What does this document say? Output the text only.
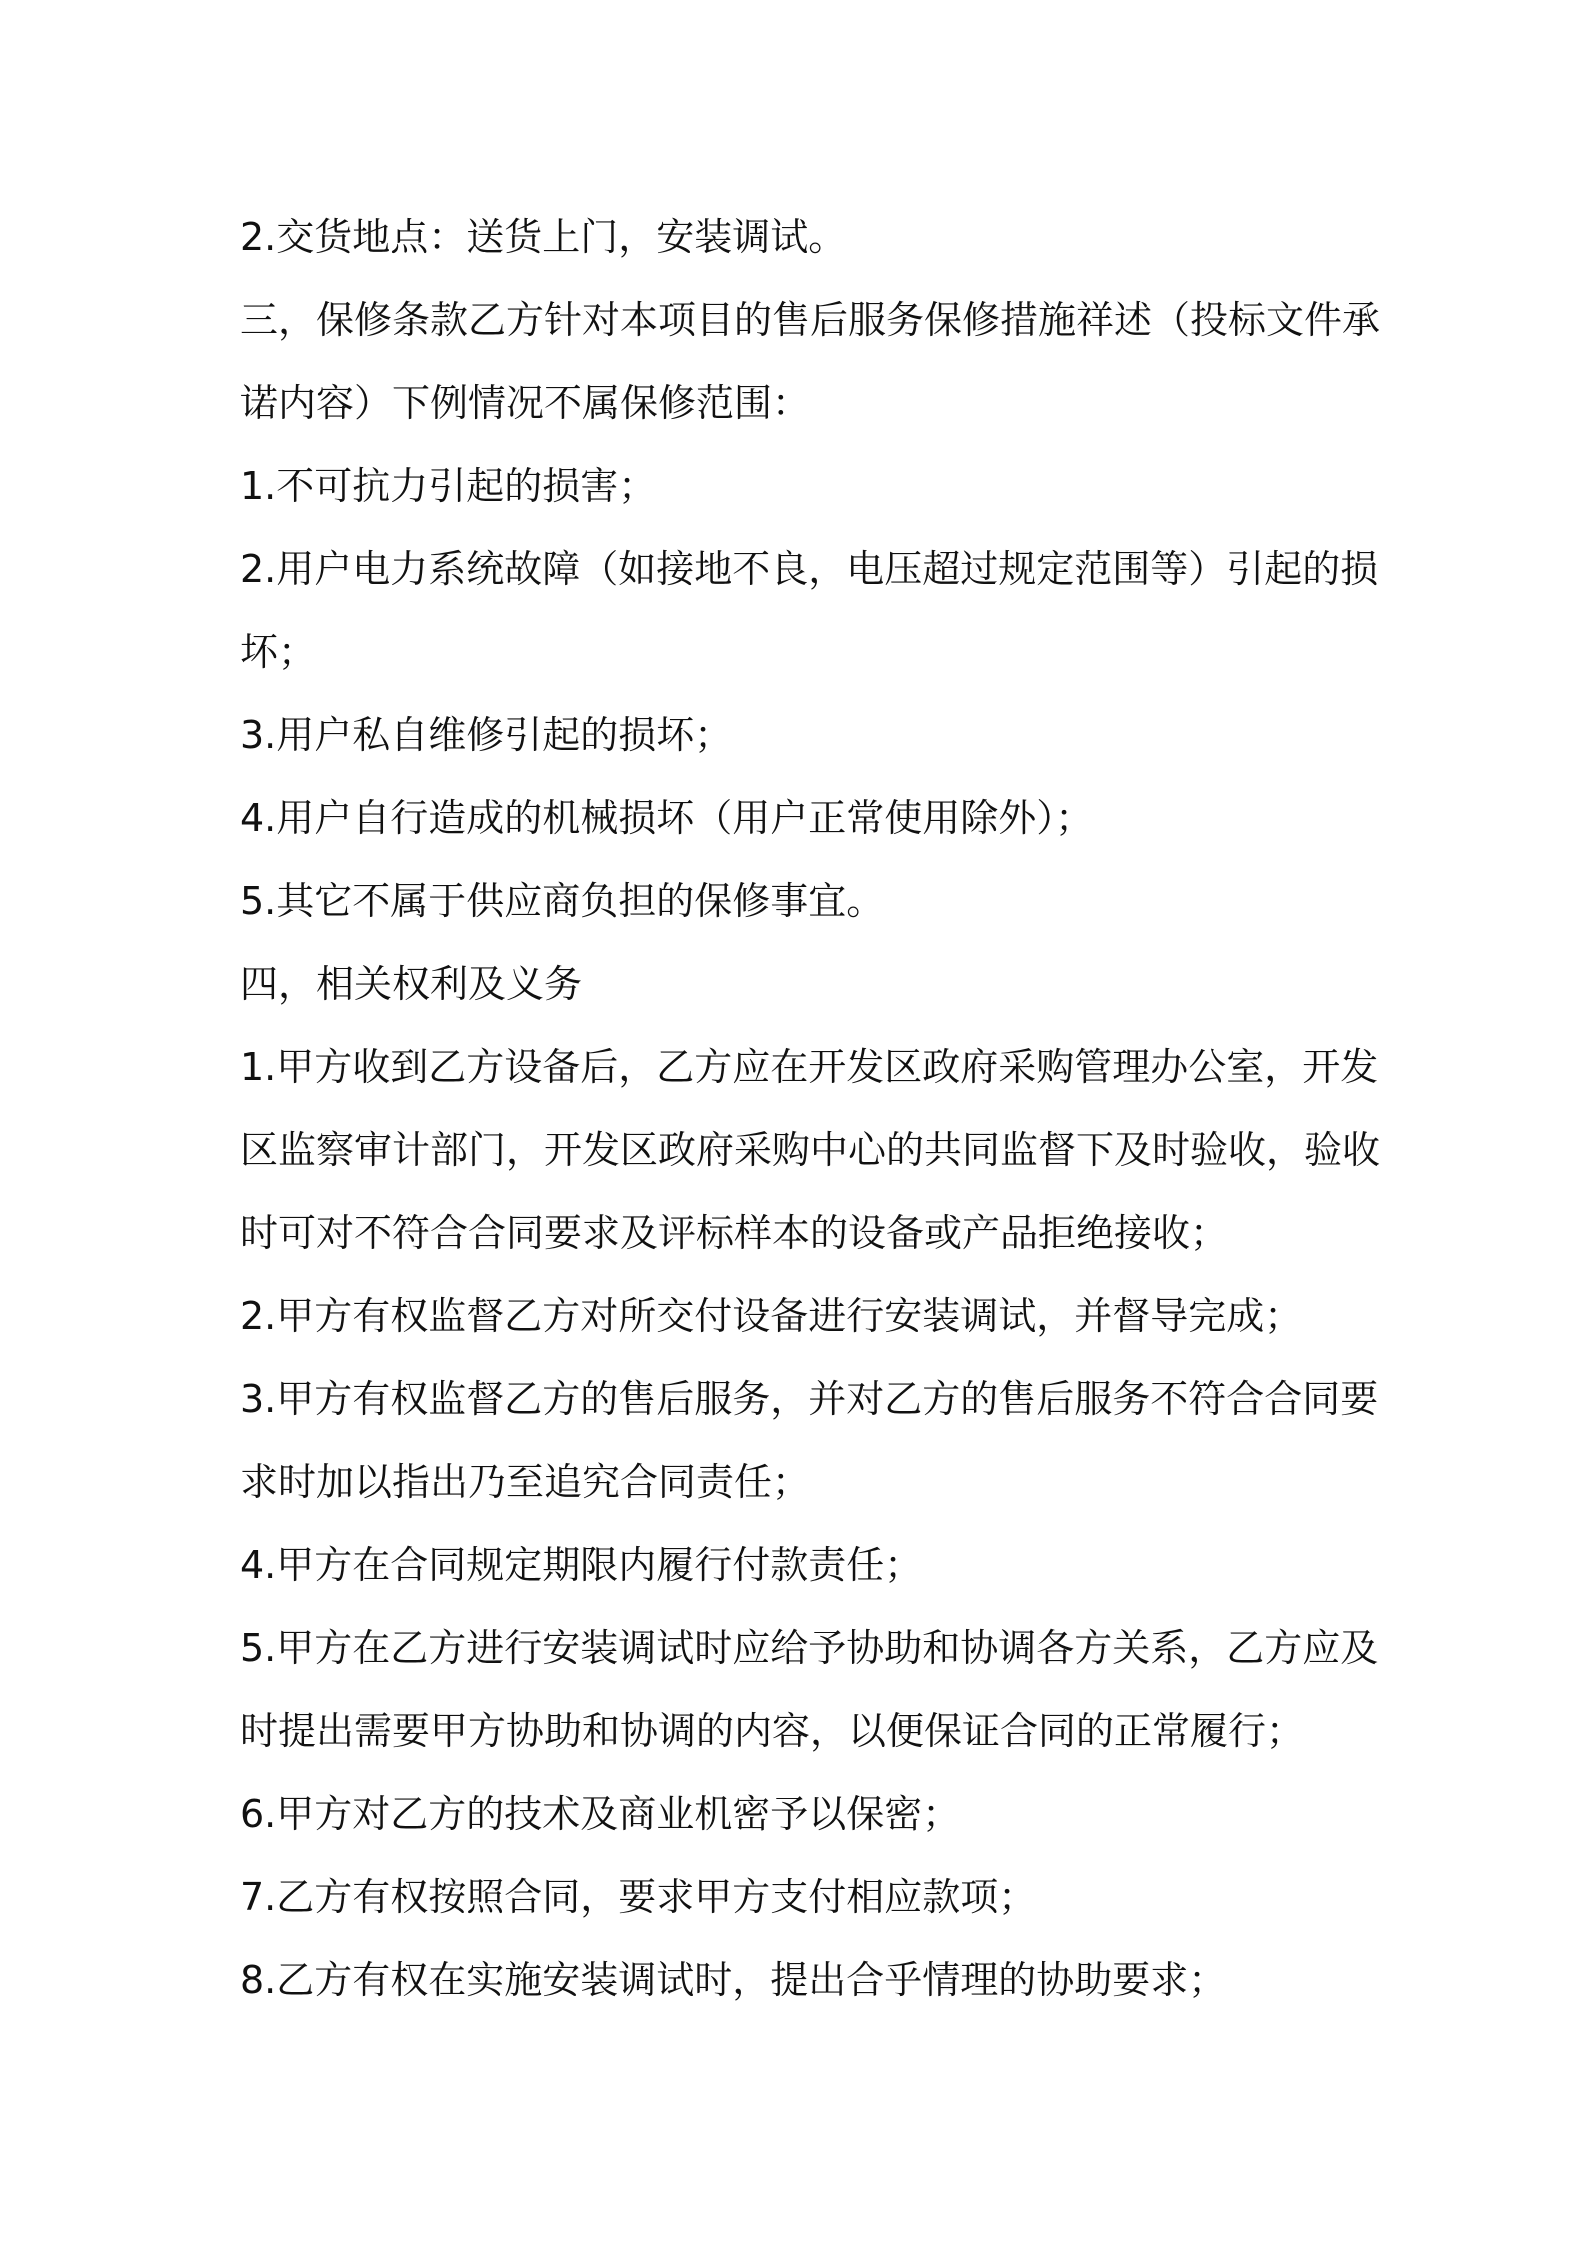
2.交货地点：送货上门，安装调试。

三，保修条款乙方针对本项目的售后服务保修措施祥述（投标文件承
诺内容）下例情况不属保修范围：

1.不可抗力引起的损害；

2.用户电力系统故障（如接地不良，电压超过规定范围等）引起的损
坏；

3.用户私自维修引起的损坏；

4.用户自行造成的机械损坏（用户正常使用除外）；

5.其它不属于供应商负担的保修事宜。

四，相关权利及义务

1.甲方收到乙方设备后，乙方应在开发区政府采购管理办公室，开发
区监察审计部门，开发区政府采购中心的共同监督下及时验收，验收
时可对不符合合同要求及评标样本的设备或产品拒绝接收；

2.甲方有权监督乙方对所交付设备进行安装调试，并督导完成；

3.甲方有权监督乙方的售后服务，并对乙方的售后服务不符合合同要
求时加以指出乃至追究合同责任；

4.甲方在合同规定期限内履行付款责任；

5.甲方在乙方进行安装调试时应给予协助和协调各方关系，乙方应及
时提出需要甲方协助和协调的内容，以便保证合同的正常履行；

6.甲方对乙方的技术及商业机密予以保密；

7.乙方有权按照合同，要求甲方支付相应款项；

8.乙方有权在实施安装调试时，提出合乎情理的协助要求；
